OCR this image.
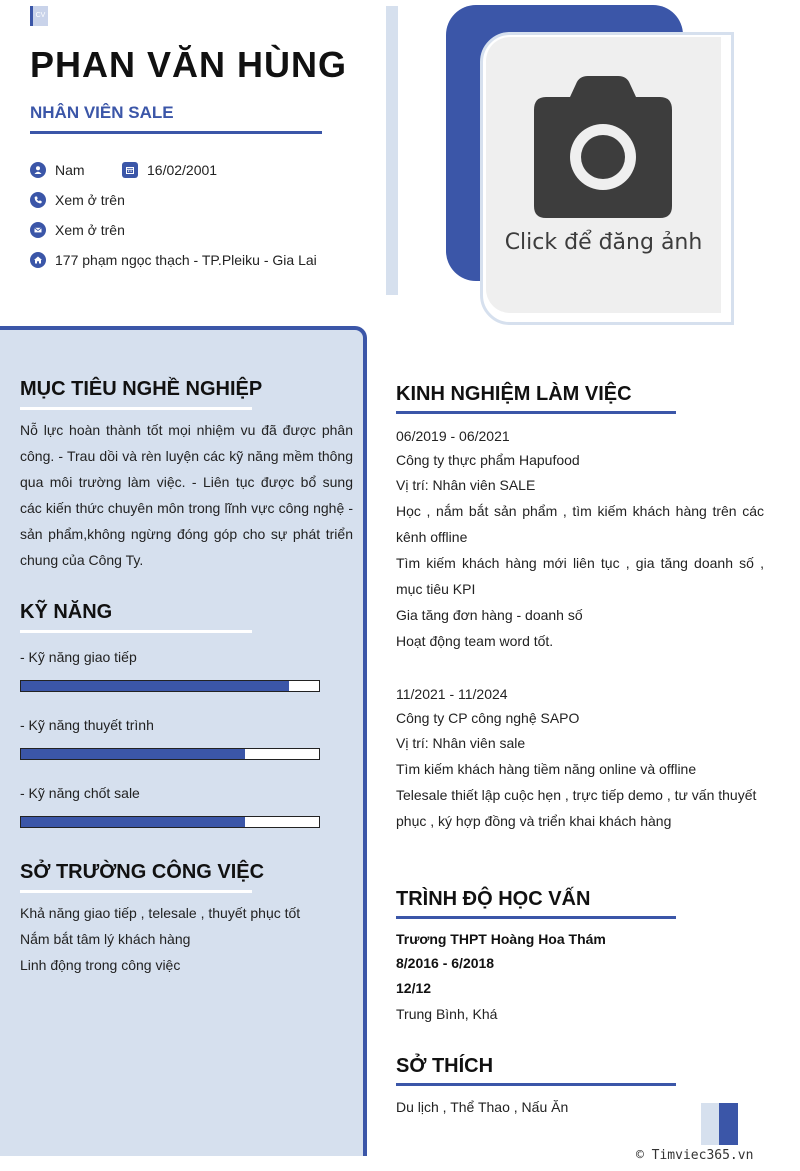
CV
PHAN VĂN HÙNG
NHÂN VIÊN SALE
Nam	16/02/2001
Xem ở trên
Xem ở trên
177 phạm ngọc thạch - TP.Pleiku - Gia Lai
Click để đăng ảnh
MỤC TIÊU NGHỀ NGHIỆP
Nỗ lực hoàn thành tốt mọi nhiệm vu đã được phân công. - Trau dồi và rèn luyện các kỹ năng mềm thông qua môi trường làm việc. - Liên tục được bổ sung các kiến thức chuyên môn trong lĩnh vực công nghệ - sản phẩm,không ngừng đóng góp cho sự phát triển chung của Công Ty.
KỸ NĂNG
- Kỹ năng giao tiếp
- Kỹ năng thuyết trình
- Kỹ năng chốt sale
SỞ TRƯỜNG CÔNG VIỆC
Khả năng giao tiếp , telesale , thuyết phục tốt
Nắm bắt tâm lý khách hàng
Linh động trong công việc
KINH NGHIỆM LÀM VIỆC
06/2019 - 06/2021
Công ty thực phẩm Hapufood
Vị trí: Nhân viên SALE
Học , nắm bắt sản phẩm , tìm kiếm khách hàng trên các kênh offline
Tìm kiếm khách hàng mới liên tục , gia tăng doanh số , mục tiêu KPI
Gia tăng đơn hàng - doanh số
Hoạt động team word tốt.
11/2021 - 11/2024
Công ty CP công nghệ SAPO
Vị trí: Nhân viên sale
Tìm kiếm khách hàng tiềm năng online và offline
Telesale thiết lập cuộc hẹn , trực tiếp demo , tư vấn thuyết phục , ký hợp đồng và triển khai khách hàng
TRÌNH ĐỘ HỌC VẤN
Trương THPT Hoàng Hoa Thám
8/2016 - 6/2018
12/12
Trung Bình, Khá
SỞ THÍCH
Du lịch , Thể Thao , Nấu Ăn
© Timviec365.vn
